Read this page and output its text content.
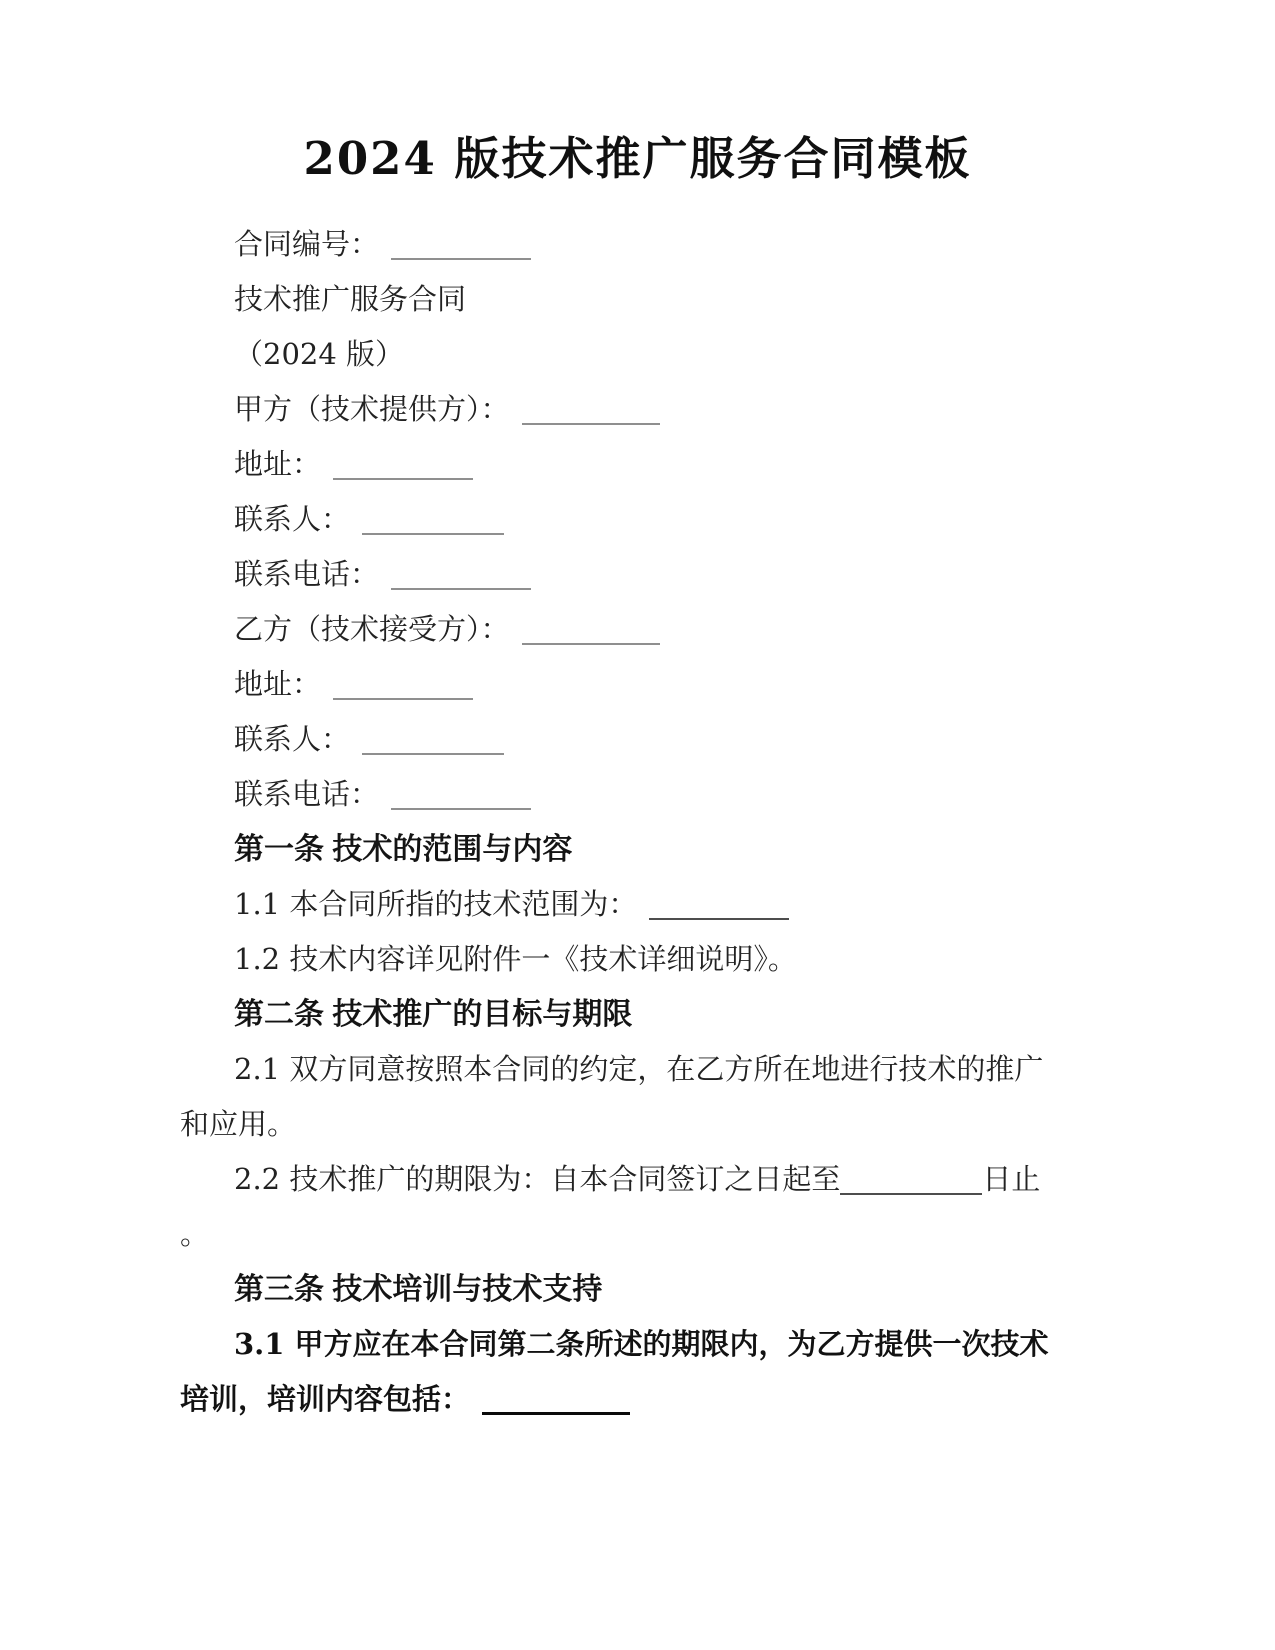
2024 版技术推广服务合同模板

合同编号：

技术推广服务合同

（2024 版）

甲方（技术提供方）：

地址：

联系人：

联系电话：

乙方（技术接受方）：

地址：

联系人：

联系电话：

第一条 技术的范围与内容

1.1 本合同所指的技术范围为：

1.2 技术内容详见附件一《技术详细说明》。

第二条 技术推广的目标与期限

2.1 双方同意按照本合同的约定，在乙方所在地进行技术的推广

和应用。

2.2 技术推广的期限为：自本合同签订之日起至	日止

。

第三条 技术培训与技术支持

3.1 甲方应在本合同第二条所述的期限内，为乙方提供一次技术

培训，培训内容包括：
